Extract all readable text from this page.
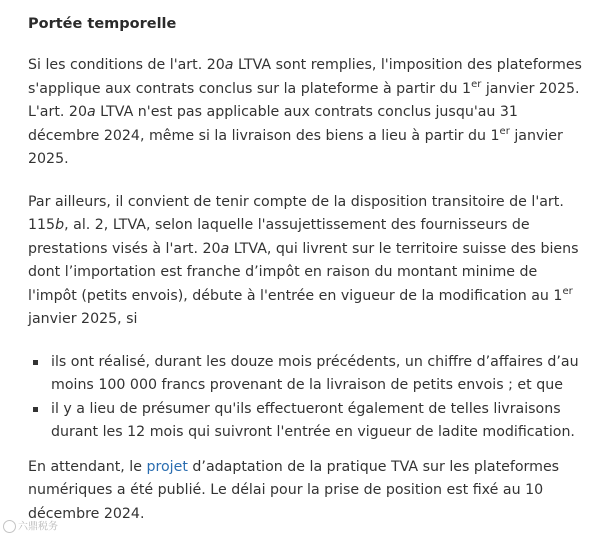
Portée temporelle

Si les conditions de l'art. 20a LTVA sont remplies, l'imposition des plateformes s'applique aux contrats conclus sur la plateforme à partir du 1er janvier 2025. L'art. 20a LTVA n'est pas applicable aux contrats conclus jusqu'au 31 décembre 2024, même si la livraison des biens a lieu à partir du 1er janvier 2025.

Par ailleurs, il convient de tenir compte de la disposition transitoire de l'art. 115b, al. 2, LTVA, selon laquelle l'assujettissement des fournisseurs de prestations visés à l'art. 20a LTVA, qui livrent sur le territoire suisse des biens dont l’importation est franche d’impôt en raison du montant minime de l'impôt (petits envois), débute à l'entrée en vigueur de la modification au 1er janvier 2025, si

ils ont réalisé, durant les douze mois précédents, un chiffre d’affaires d’au moins 100 000 francs provenant de la livraison de petits envois ; et que
il y a lieu de présumer qu'ils effectueront également de telles livraisons durant les 12 mois qui suivront l'entrée en vigueur de ladite modification.

En attendant, le projet d’adaptation de la pratique TVA sur les plateformes numériques a été publié. Le délai pour la prise de position est fixé au 10 décembre 2024.

六鼎税务
